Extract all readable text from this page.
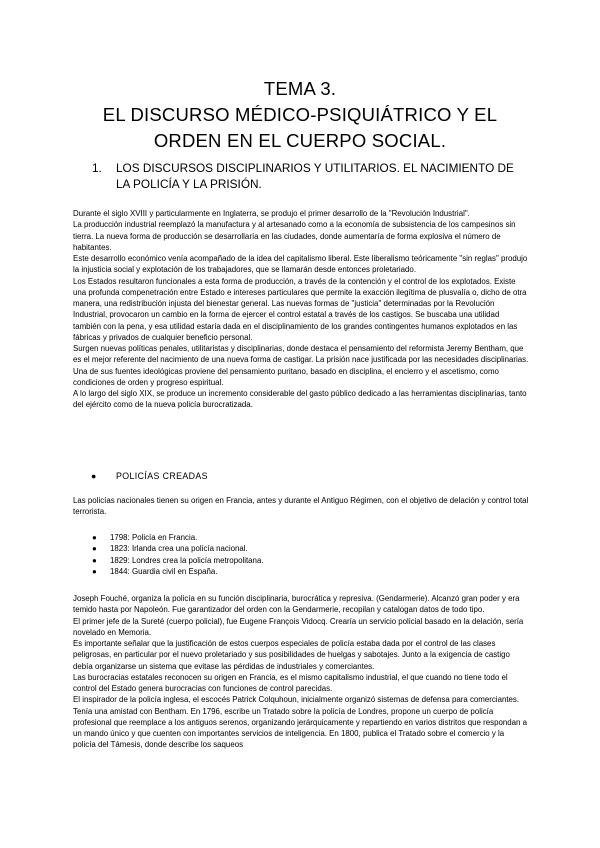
TEMA 3.
EL DISCURSO MÉDICO-PSIQUIÁTRICO Y EL
ORDEN EN EL CUERPO SOCIAL.
1. LOS DISCURSOS DISCIPLINARIOS Y UTILITARIOS. EL NACIMIENTO DE
LA POLICÍA Y LA PRISIÓN.

Durante el siglo XVIII y particularmente en Inglaterra, se produjo el primer desarrollo de la "Revolución Industrial".

La producción industrial reemplazó la manufactura y al artesanado como a la economía de subsistencia de los campesinos sin tierra. La nueva forma de producción se desarrollaría en las ciudades, donde aumentaría de forma explosiva el número de habitantes.

Este desarrollo económico venía acompañado de la idea del capitalismo liberal. Este liberalismo teóricamente "sin reglas" produjo la injusticia social y explotación de los trabajadores, que se llamarán desde entonces proletariado.

Los Estados resultaron funcionales a esta forma de producción, a través de la contención y el control de los explotados. Existe una profunda compenetración entre Estado e intereses particulares que permite la exacción ilegítima de plusvalía o, dicho de otra manera, una redistribución injusta del bienestar general. Las nuevas formas de "justicia" determinadas por la Revolución Industrial, provocaron un cambio en la forma de ejercer el control estatal a través de los castigos. Se buscaba una utilidad también con la pena, y esa utilidad estaría dada en el disciplinamiento de los grandes contingentes humanos explotados en las fábricas y privados de cualquier beneficio personal.

Surgen nuevas políticas penales, utilitaristas y disciplinarias, donde destaca el pensamiento del reformista Jeremy Bentham, que es el mejor referente del nacimiento de una nueva forma de castigar. La prisión nace justificada por las necesidades disciplinarias. Una de sus fuentes ideológicas proviene del pensamiento puritano, basado en disciplina, el encierro y el ascetismo, como condiciones de orden y progreso espiritual.

A lo largo del siglo XIX, se produce un incremento considerable del gasto público dedicado a las herramientas disciplinarias, tanto del ejército como de la nueva policía burocratizada.

● POLICÍAS CREADAS

Las policías nacionales tienen su origen en Francia, antes y durante el Antiguo Régimen, con el objetivo de delación y control total terrorista.

● 1798: Policía en Francia.
● 1823: Irlanda crea una policía nacional.
● 1829: Londres crea la policía metropolitana.
● 1844: Guardia civil en España.

Joseph Fouché, organiza la policía en su función disciplinaria, burocrática y represiva. (Gendarmerie). Alcanzó gran poder y era temido hasta por Napoleón. Fue garantizador del orden con la Gendarmerie, recopilan y catalogan datos de todo tipo.

El primer jefe de la Sureté (cuerpo policial), fue Eugene François Vidocq. Crearía un servicio policial basado en la delación, sería novelado en Memoria.

Es importante señalar que la justificación de estos cuerpos especiales de policía estaba dada por el control de las clases peligrosas, en particular por el nuevo proletariado y sus posibilidades de huelgas y sabotajes. Junto a la exigencia de castigo debía organizarse un sistema que evitase las pérdidas de industriales y comerciantes.

Las burocracias estatales reconocen su origen en Francia, es el mismo capitalismo industrial, el que cuando no tiene todo el control del Estado genera burocracias con funciones de control parecidas.

El inspirador de la policía inglesa, el escocés Patrick Colquhoun, inicialmente organizó sistemas de defensa para comerciantes. Tenía una amistad con Bentham. En 1796, escribe un Tratado sobre la policía de Londres, propone un cuerpo de policía profesional que reemplace a los antiguos serenos, organizando jerárquicamente y repartiendo en varios distritos que respondan a un mando único y que cuenten con importantes servicios de inteligencia. En 1800, publica el Tratado sobre el comercio y la policía del Támesis, donde describe los saqueos
